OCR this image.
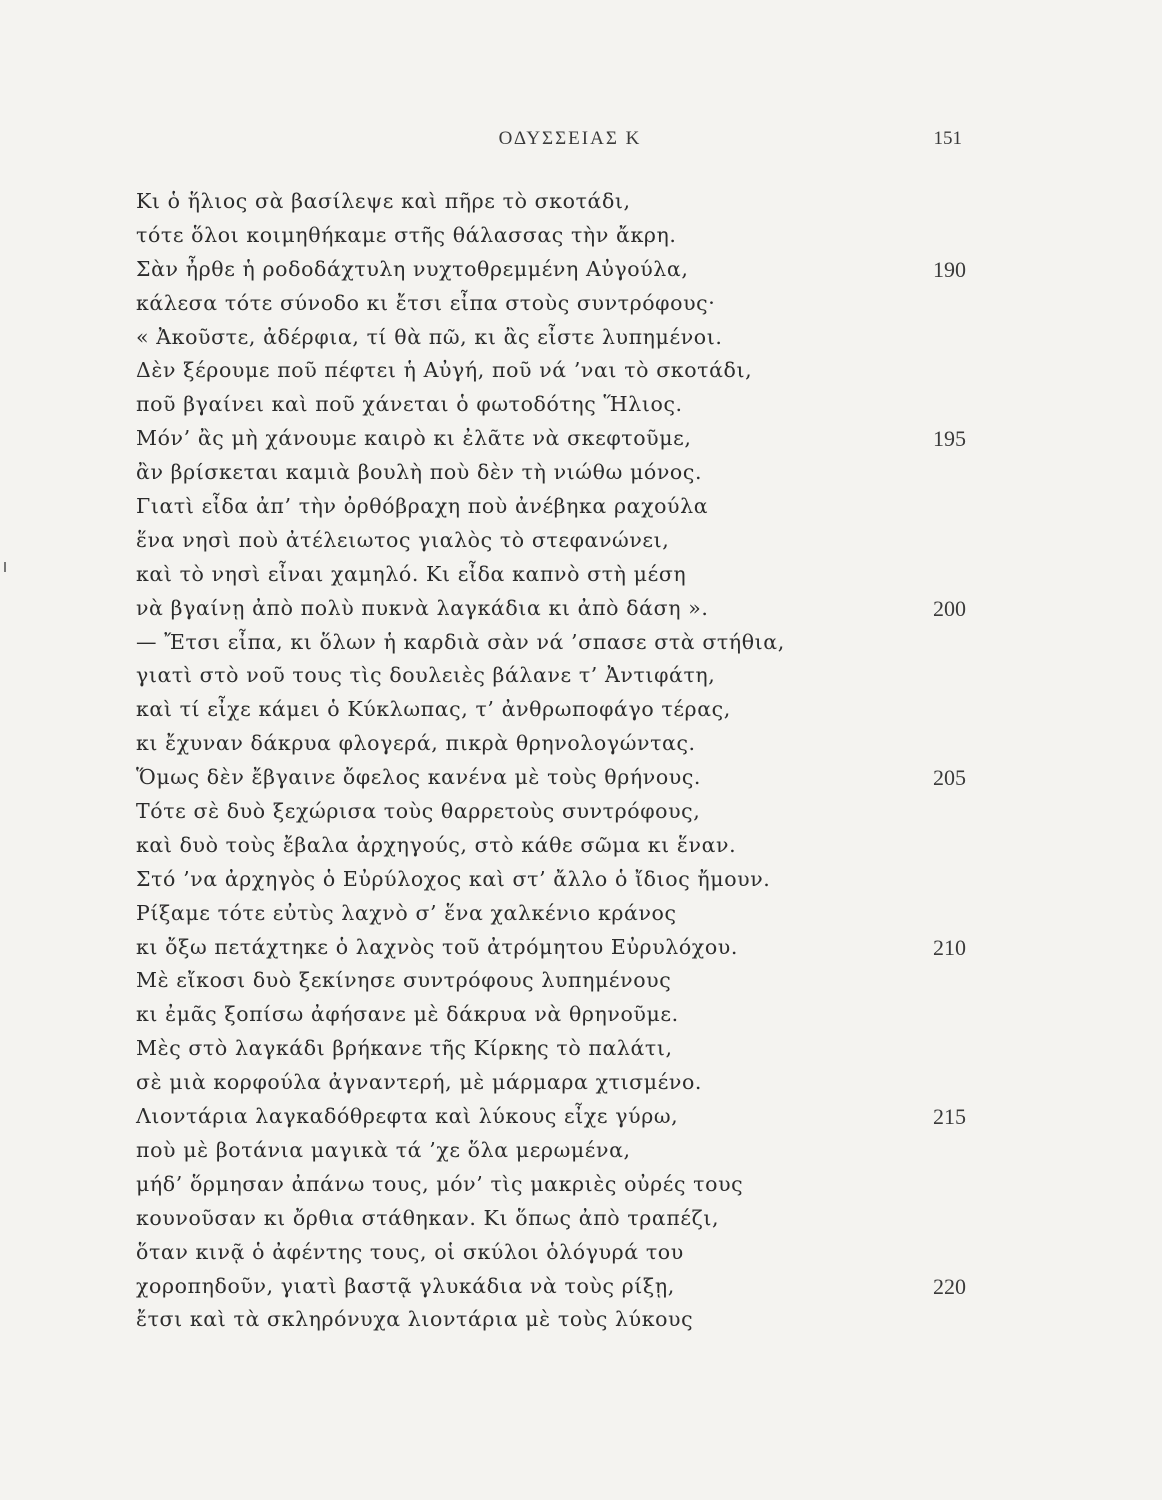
ΟΔΥΣΣΕΙΑΣ Κ	151
Κι ὁ ἥλιος σὰ βασίλεψε καὶ πῆρε τὸ σκοτάδι,
τότε ὅλοι κοιμηθήκαμε στῆς θάλασσας τὴν ἄκρη.
Σὰν ἦρθε ἡ ροδοδάχτυλη νυχτοθρεμμένη Αὐγούλα,	190
κάλεσα τότε σύνοδο κι ἔτσι εἶπα στοὺς συντρόφους·
« Ἀκοῦστε, ἀδέρφια, τί θὰ πῶ, κι ἂς εἶστε λυπημένοι.
Δὲν ξέρουμε ποῦ πέφτει ἡ Αὐγή, ποῦ νά ’ναι τὸ σκοτάδι,
ποῦ βγαίνει καὶ ποῦ χάνεται ὁ φωτοδότης Ἥλιος.
Μόν’ ἂς μὴ χάνουμε καιρὸ κι ἐλᾶτε νὰ σκεφτοῦμε,	195
ἂν βρίσκεται καμιὰ βουλὴ ποὺ δὲν τὴ νιώθω μόνος.
Γιατὶ εἶδα ἀπ’ τὴν ὀρθόβραχη ποὺ ἀνέβηκα ραχούλα
ἕνα νησὶ ποὺ ἀτέλειωτος γιαλὸς τὸ στεφανώνει,
καὶ τὸ νησὶ εἶναι χαμηλό. Κι εἶδα καπνὸ στὴ μέση
νὰ βγαίνῃ ἀπὸ πολὺ πυκνὰ λαγκάδια κι ἀπὸ δάση ».	200
— Ἔτσι εἶπα, κι ὅλων ἡ καρδιὰ σὰν νά ’σπασε στὰ στήθια,
γιατὶ στὸ νοῦ τους τὶς δουλειὲς βάλανε τ’ Ἀντιφάτη,
καὶ τί εἶχε κάμει ὁ Κύκλωπας, τ’ ἀνθρωποφάγο τέρας,
κι ἔχυναν δάκρυα φλογερά, πικρὰ θρηνολογώντας.
Ὅμως δὲν ἔβγαινε ὄφελος κανένα μὲ τοὺς θρήνους.	205
Τότε σὲ δυὸ ξεχώρισα τοὺς θαρρετοὺς συντρόφους,
καὶ δυὸ τοὺς ἔβαλα ἀρχηγούς, στὸ κάθε σῶμα κι ἕναν.
Στό ’να ἀρχηγὸς ὁ Εὐρύλοχος καὶ στ’ ἄλλο ὁ ἴδιος ἤμουν.
Ρίξαμε τότε εὐτὺς λαχνὸ σ’ ἕνα χαλκένιο κράνος
κι ὄξω πετάχτηκε ὁ λαχνὸς τοῦ ἀτρόμητου Εὐρυλόχου.	210
Μὲ εἴκοσι δυὸ ξεκίνησε συντρόφους λυπημένους
κι ἐμᾶς ξοπίσω ἀφήσανε μὲ δάκρυα νὰ θρηνοῦμε.
Μὲς στὸ λαγκάδι βρήκανε τῆς Κίρκης τὸ παλάτι,
σὲ μιὰ κορφούλα ἀγναντερή, μὲ μάρμαρα χτισμένο.
Λιοντάρια λαγκαδόθρεφτα καὶ λύκους εἶχε γύρω,	215
ποὺ μὲ βοτάνια μαγικὰ τά ’χε ὅλα μερωμένα,
μήδ’ ὅρμησαν ἀπάνω τους, μόν’ τὶς μακριὲς οὐρές τους
κουνοῦσαν κι ὄρθια στάθηκαν. Κι ὅπως ἀπὸ τραπέζι,
ὅταν κινᾷ ὁ ἀφέντης τους, οἱ σκύλοι ὁλόγυρά του
χοροπηδοῦν, γιατὶ βαστᾷ γλυκάδια νὰ τοὺς ρίξῃ,	220
ἔτσι καὶ τὰ σκληρόνυχα λιοντάρια μὲ τοὺς λύκους
